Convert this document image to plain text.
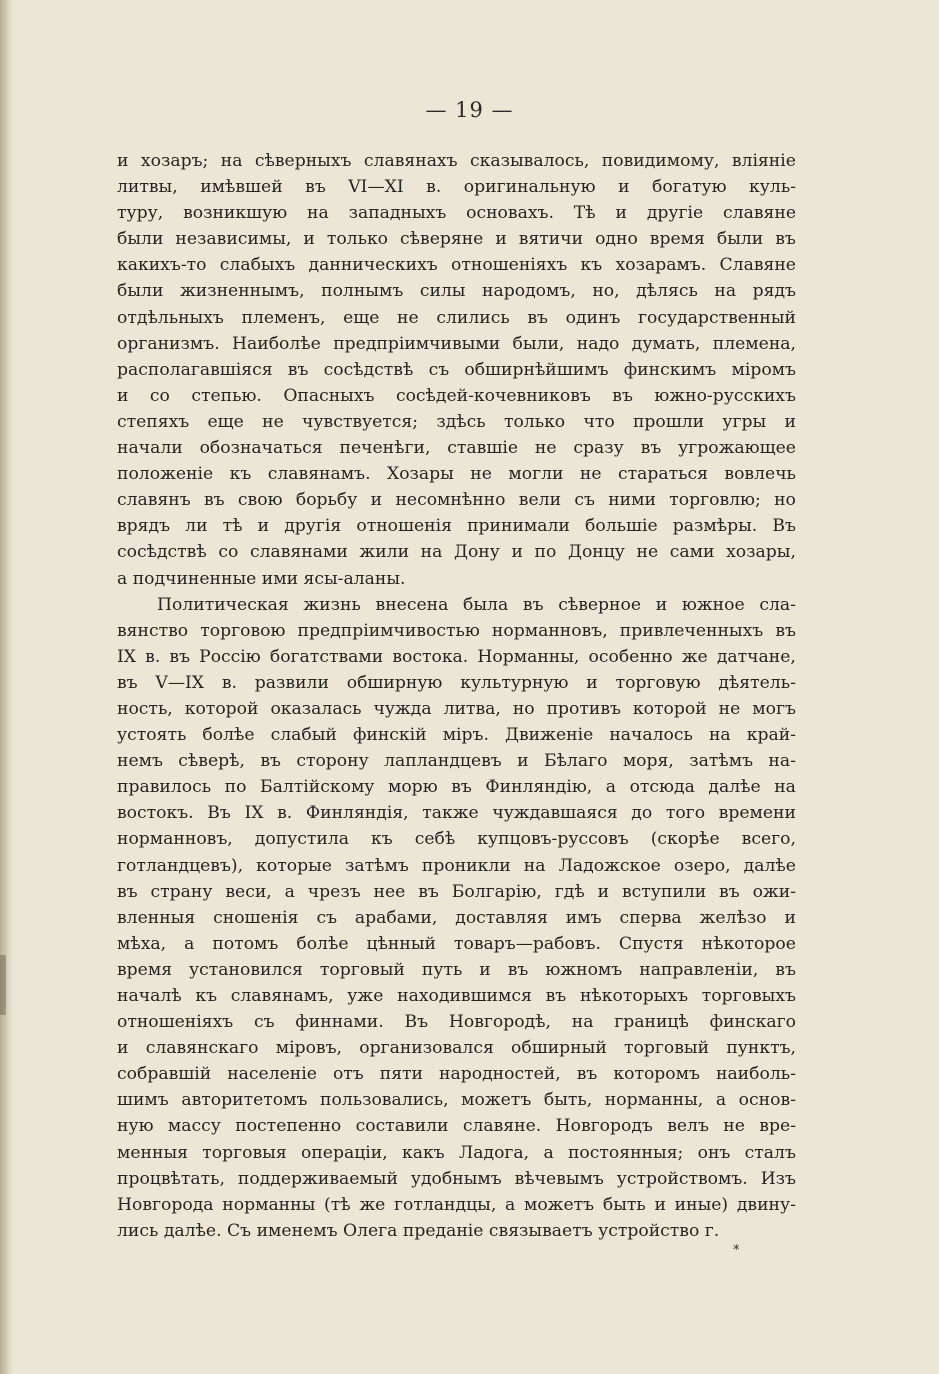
— 19 —
и хозаръ; на сѣверныхъ славянахъ сказывалось, повидимому, вліяніе
литвы, имѣвшей въ VI—XI в. оригинальную и богатую куль-
туру, возникшую на западныхъ основахъ. Тѣ и другіе славяне
были независимы, и только сѣверяне и вятичи одно время были въ
какихъ-то слабыхъ данническихъ отношеніяхъ къ хозарамъ. Славяне
были жизненнымъ, полнымъ силы народомъ, но, дѣлясь на рядъ
отдѣльныхъ племенъ, еще не слились въ одинъ государственный
организмъ. Наиболѣе предпріимчивыми были, надо думать, племена,
располагавшіяся въ сосѣдствѣ съ обширнѣйшимъ финскимъ міромъ
и со степью. Опасныхъ сосѣдей-кочевниковъ въ южно-русскихъ
степяхъ еще не чувствуется; здѣсь только что прошли угры и
начали обозначаться печенѣги, ставшіе не сразу въ угрожающее
положеніе къ славянамъ. Хозары не могли не стараться вовлечь
славянъ въ свою борьбу и несомнѣнно вели съ ними торговлю; но
врядъ ли тѣ и другія отношенія принимали большіе размѣры. Въ
сосѣдствѣ со славянами жили на Дону и по Донцу не сами хозары,
а подчиненные ими ясы-аланы.
Политическая жизнь внесена была въ сѣверное и южное сла-
вянство торговою предпріимчивостью норманновъ, привлеченныхъ въ
IX в. въ Россію богатствами востока. Норманны, особенно же датчане,
въ V—IX в. развили обширную культурную и торговую дѣятель-
ность, которой оказалась чужда литва, но противъ которой не могъ
устоять болѣе слабый финскій міръ. Движеніе началось на край-
немъ сѣверѣ, въ сторону лапландцевъ и Бѣлаго моря, затѣмъ на-
правилось по Балтійскому морю въ Финляндію, а отсюда далѣе на
востокъ. Въ IX в. Финляндія, также чуждавшаяся до того времени
норманновъ, допустила къ себѣ купцовъ-руссовъ (скорѣе всего,
готландцевъ), которые затѣмъ проникли на Ладожское озеро, далѣе
въ страну веси, а чрезъ нее въ Болгарію, гдѣ и вступили въ ожи-
вленныя сношенія съ арабами, доставляя имъ сперва желѣзо и
мѣха, а потомъ болѣе цѣнный товаръ—рабовъ. Спустя нѣкоторое
время установился торговый путь и въ южномъ направленіи, въ
началѣ къ славянамъ, уже находившимся въ нѣкоторыхъ торговыхъ
отношеніяхъ съ финнами. Въ Новгородѣ, на границѣ финскаго
и славянскаго міровъ, организовался обширный торговый пунктъ,
собравшій населеніе отъ пяти народностей, въ которомъ наиболь-
шимъ авторитетомъ пользовались, можетъ быть, норманны, а основ-
ную массу постепенно составили славяне. Новгородъ велъ не вре-
менныя торговыя операціи, какъ Ладога, а постоянныя; онъ сталъ
процвѣтать, поддерживаемый удобнымъ вѣчевымъ устройствомъ. Изъ
Новгорода норманны (тѣ же готландцы, а можетъ быть и иные) двину-
лись далѣе. Съ именемъ Олега преданіе связываетъ устройство г.
*
